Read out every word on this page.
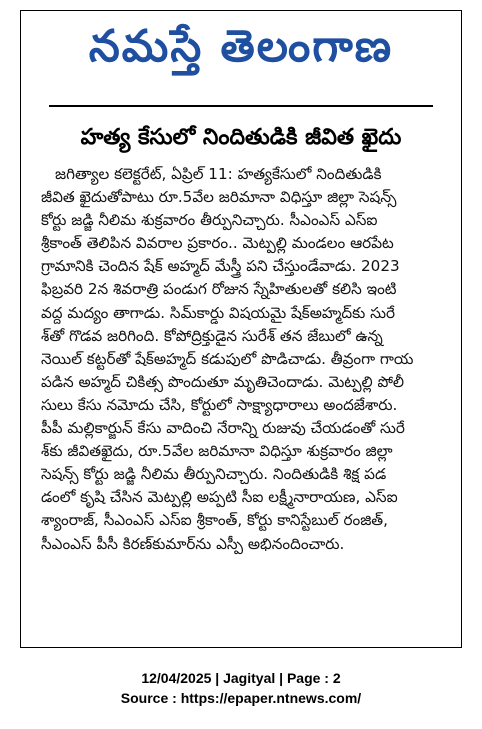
నమస్తే తెలంగాణ
హత్య కేసులో నిందితుడికి జీవిత ఖైదు
జగిత్యాల కలెక్టరేట్, ఏప్రిల్ 11: హత్యకేసులో నిందితుడికి
జీవిత ఖైదుతోపాటు రూ.5వేల జరిమానా విధిస్తూ జిల్లా సెషన్స్
కోర్టు జడ్జి నీలిమ శుక్రవారం తీర్పునిచ్చారు. సీఎంఎస్ ఎస్ఐ
శ్రీకాంత్ తెలిపిన వివరాల ప్రకారం.. మెట్పల్లి మండలం ఆరపేట
గ్రామానికి చెందిన షేక్ అహ్మద్ మేస్త్రీ పని చేస్తుండేవాడు. 2023
ఫిబ్రవరి 2న శివరాత్రి పండుగ రోజున స్నేహితులతో కలిసి ఇంటి
వద్ద మద్యం తాగాడు. సిమ్‌కార్డు విషయమై షేక్‌అహ్మద్‌కు సురే
శ్‌తో గొడవ జరిగింది. కోపోద్రిక్తుడైన సురేశ్ తన జేబులో ఉన్న
నెయిల్ కట్టర్‌తో షేక్‌అహ్మద్ కడుపులో పొడిచాడు. తీవ్రంగా గాయ
పడిన అహ్మద్ చికిత్స పొందుతూ మృతిచెందాడు. మెట్పల్లి పోలీ
సులు కేసు నమోదు చేసి, కోర్టులో సాక్ష్యాధారాలు అందజేశారు.
పీపీ మల్లికార్జున్ కేసు వాదించి నేరాన్ని రుజువు చేయడంతో సురే
శ్‌కు జీవితఖైదు, రూ.5వేల జరిమానా విధిస్తూ శుక్రవారం జిల్లా
సెషన్స్ కోర్టు జడ్జి నీలిమ తీర్పునిచ్చారు. నిందితుడికి శిక్ష పడ
డంలో కృషి చేసిన మెట్పల్లి అప్పటి సీఐ లక్ష్మీనారాయణ, ఎస్ఐ
శ్యాంరాజ్, సీఎంఎస్ ఎస్ఐ శ్రీకాంత్, కోర్టు కానిస్టేబుల్ రంజిత్,
సీఎంఎస్ పీసీ కిరణ్‌కుమార్‌ను ఎస్పీ అభినందించారు.
12/04/2025 | Jagityal | Page : 2
Source : https://epaper.ntnews.com/
